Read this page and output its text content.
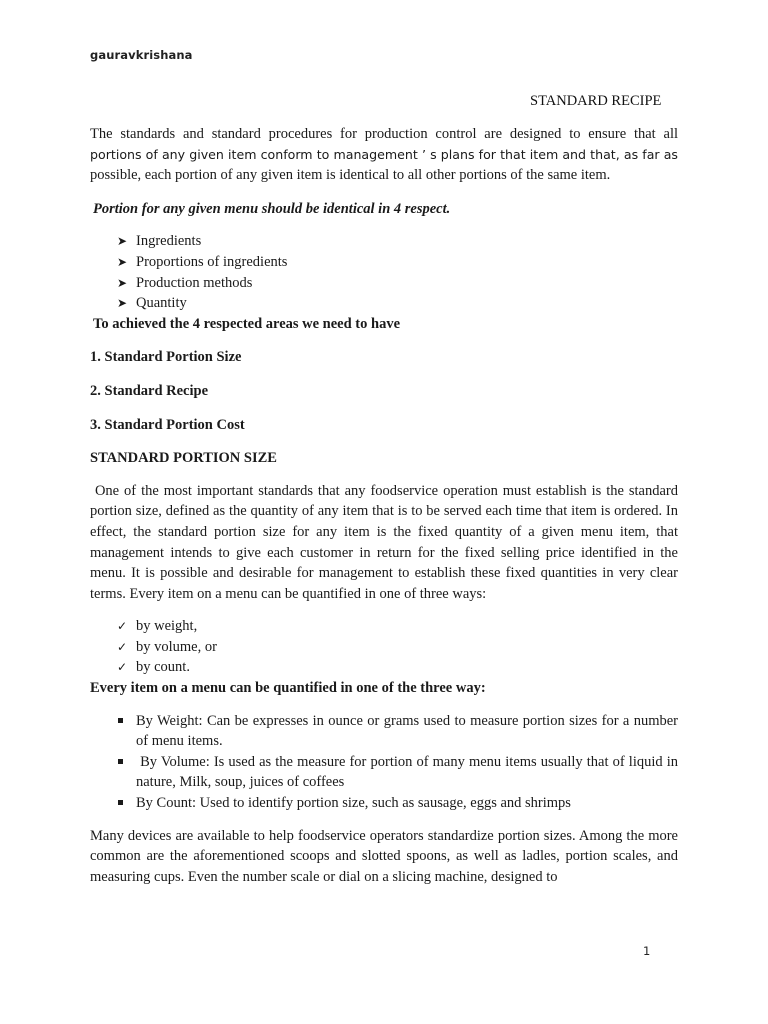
gauravkrishana
STANDARD RECIPE

The standards and standard procedures for production control are designed to ensure that all portions of any given item conform to management ’ s plans for that item and that, as far as possible, each portion of any given item is identical to all other portions of the same item.

Portion for any given menu should be identical in 4 respect.

➤ Ingredients
➤ Proportions of ingredients
➤ Production methods
➤ Quantity

To achieved the 4 respected areas we need to have

1. Standard Portion Size

2. Standard Recipe

3. Standard Portion Cost

STANDARD PORTION SIZE

One of the most important standards that any foodservice operation must establish is the standard portion size, defined as the quantity of any item that is to be served each time that item is ordered. In effect, the standard portion size for any item is the fixed quantity of a given menu item, that management intends to give each customer in return for the fixed selling price identified in the menu. It is possible and desirable for management to establish these fixed quantities in very clear terms. Every item on a menu can be quantified in one of three ways:

✓ by weight,
✓ by volume, or
✓ by count.

Every item on a menu can be quantified in one of the three way:

By Weight: Can be expresses in ounce or grams used to measure portion sizes for a number of menu items.

By Volume: Is used as the measure for portion of many menu items usually that of liquid in nature, Milk, soup, juices of coffees

By Count: Used to identify portion size, such as sausage, eggs and shrimps

Many devices are available to help foodservice operators standardize portion sizes. Among the more common are the aforementioned scoops and slotted spoons, as well as ladles, portion scales, and measuring cups. Even the number scale or dial on a slicing machine, designed to

1
